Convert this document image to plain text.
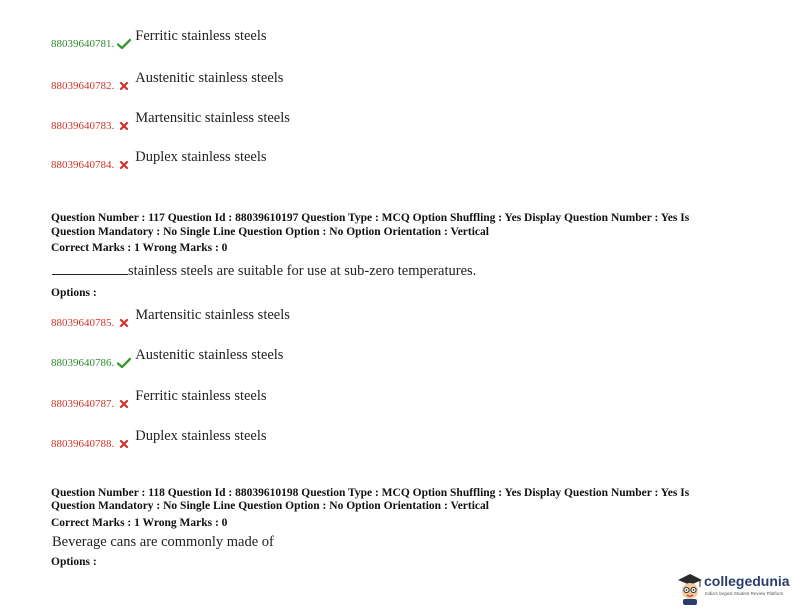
88039640781. Ferritic stainless steels
88039640782. Austenitic stainless steels
88039640783. Martensitic stainless steels
88039640784. Duplex stainless steels
Question Number : 117 Question Id : 88039610197 Question Type : MCQ Option Shuffling : Yes Display Question Number : Yes Is
Question Mandatory : No Single Line Question Option : No Option Orientation : Vertical
Correct Marks : 1 Wrong Marks : 0
stainless steels are suitable for use at sub-zero temperatures.
Options :
88039640785. Martensitic stainless steels
88039640786. Austenitic stainless steels
88039640787. Ferritic stainless steels
88039640788. Duplex stainless steels
Question Number : 118 Question Id : 88039610198 Question Type : MCQ Option Shuffling : Yes Display Question Number : Yes Is
Question Mandatory : No Single Line Question Option : No Option Orientation : Vertical
Correct Marks : 1 Wrong Marks : 0
Beverage cans are commonly made of
Options :
collegedunia
India's largest Student Review Platform
